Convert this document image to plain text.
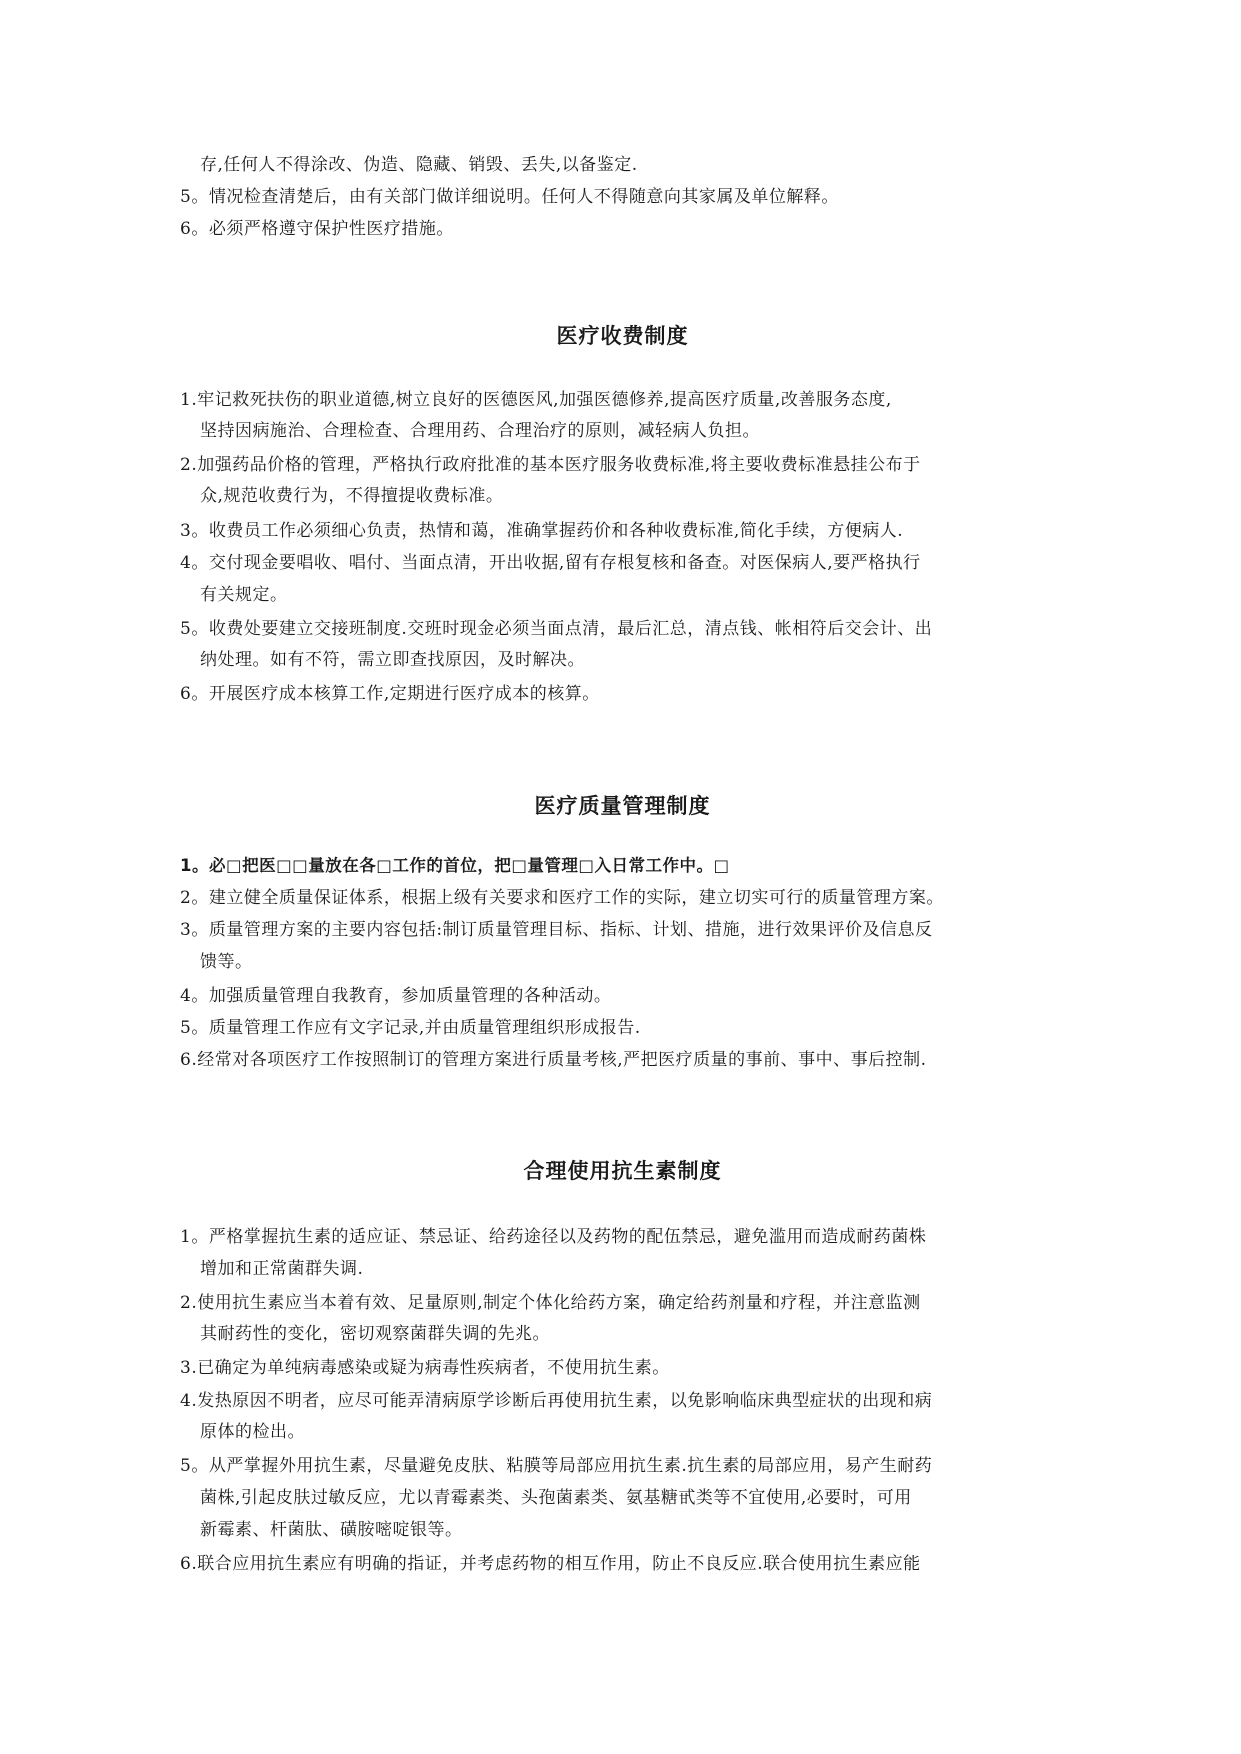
存,任何人不得涂改、伪造、隐藏、销毁、丢失,以备鉴定.

5。情况检查清楚后，由有关部门做详细说明。任何人不得随意向其家属及单位解释。

6。必须严格遵守保护性医疗措施。

医疗收费制度

1.牢记救死扶伤的职业道德,树立良好的医德医风,加强医德修养,提高医疗质量,改善服务态度,

坚持因病施治、合理检查、合理用药、合理治疗的原则，减轻病人负担。

2.加强药品价格的管理，严格执行政府批准的基本医疗服务收费标准,将主要收费标准悬挂公布于

众,规范收费行为，不得擅提收费标准。

3。收费员工作必须细心负责，热情和蔼，准确掌握药价和各种收费标准,简化手续，方便病人.

4。交付现金要唱收、唱付、当面点清，开出收据,留有存根复核和备查。对医保病人,要严格执行

有关规定。

5。收费处要建立交接班制度.交班时现金必须当面点清，最后汇总，清点钱、帐相符后交会计、出

纳处理。如有不符，需立即查找原因，及时解决。

6。开展医疗成本核算工作,定期进行医疗成本的核算。

医疗质量管理制度

1。必□把医□□量放在各□工作的首位，把□量管理□入日常工作中。□

2。建立健全质量保证体系，根据上级有关要求和医疗工作的实际，建立切实可行的质量管理方案。

3。质量管理方案的主要内容包括:制订质量管理目标、指标、计划、措施，进行效果评价及信息反

馈等。

4。加强质量管理自我教育，参加质量管理的各种活动。

5。质量管理工作应有文字记录,并由质量管理组织形成报告.

6.经常对各项医疗工作按照制订的管理方案进行质量考核,严把医疗质量的事前、事中、事后控制.

合理使用抗生素制度

1。严格掌握抗生素的适应证、禁忌证、给药途径以及药物的配伍禁忌，避免滥用而造成耐药菌株

增加和正常菌群失调.

2.使用抗生素应当本着有效、足量原则,制定个体化给药方案，确定给药剂量和疗程，并注意监测

其耐药性的变化，密切观察菌群失调的先兆。

3.已确定为单纯病毒感染或疑为病毒性疾病者，不使用抗生素。

4.发热原因不明者，应尽可能弄清病原学诊断后再使用抗生素，以免影响临床典型症状的出现和病

原体的检出。

5。从严掌握外用抗生素，尽量避免皮肤、粘膜等局部应用抗生素.抗生素的局部应用，易产生耐药

菌株,引起皮肤过敏反应，尤以青霉素类、头孢菌素类、氨基糖甙类等不宜使用,必要时，可用

新霉素、杆菌肽、磺胺嘧啶银等。

6.联合应用抗生素应有明确的指证，并考虑药物的相互作用，防止不良反应.联合使用抗生素应能
